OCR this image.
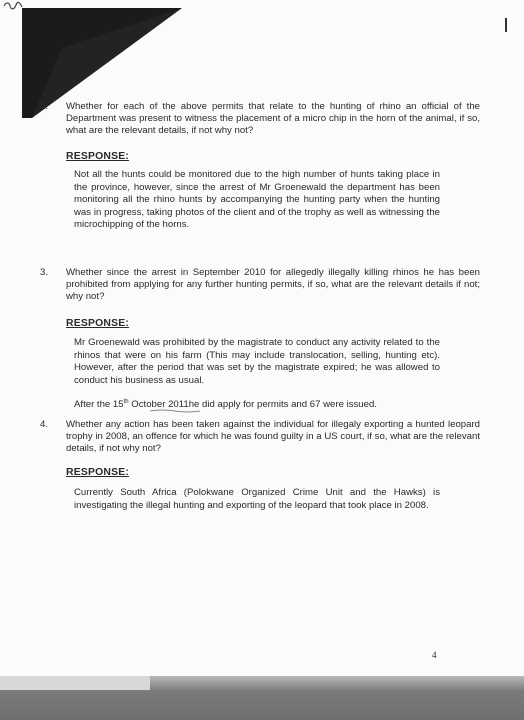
2.	Whether for each of the above permits that relate to the hunting of rhino an official of the Department was present to witness the placement of a micro chip in the horn of the animal, if so, what are the relevant details, if not why not?
RESPONSE:
Not all the hunts could be monitored due to the high number of hunts taking place in the province, however, since the arrest of Mr Groenewald the department has been monitoring all the rhino hunts by accompanying the hunting party when the hunting was in progress, taking photos of the client and of the trophy as well as witnessing the microchipping of the horns.
3.	Whether since the arrest in September 2010 for allegedly illegally killing rhinos he has been prohibited from applying for any further hunting permits, if so, what are the relevant details if not; why not?
RESPONSE:
Mr Groenewald was prohibited by the magistrate to conduct any activity related to the rhinos that were on his farm (This may include translocation, selling, hunting etc). However, after the period that was set by the magistrate expired; he was allowed to conduct his business as usual.
After the 15th October 2011he did apply for permits and 67 were issued.
4.	Whether any action has been taken against the individual for illegaly exporting a hunted leopard trophy in 2008, an offence for which he was found guilty in a US court, if so, what are the relevant details, if not why not?
RESPONSE:
Currently South Africa (Polokwane Organized Crime Unit and the Hawks) is investigating the illegal hunting and exporting of the leopard that took place in 2008.
4
